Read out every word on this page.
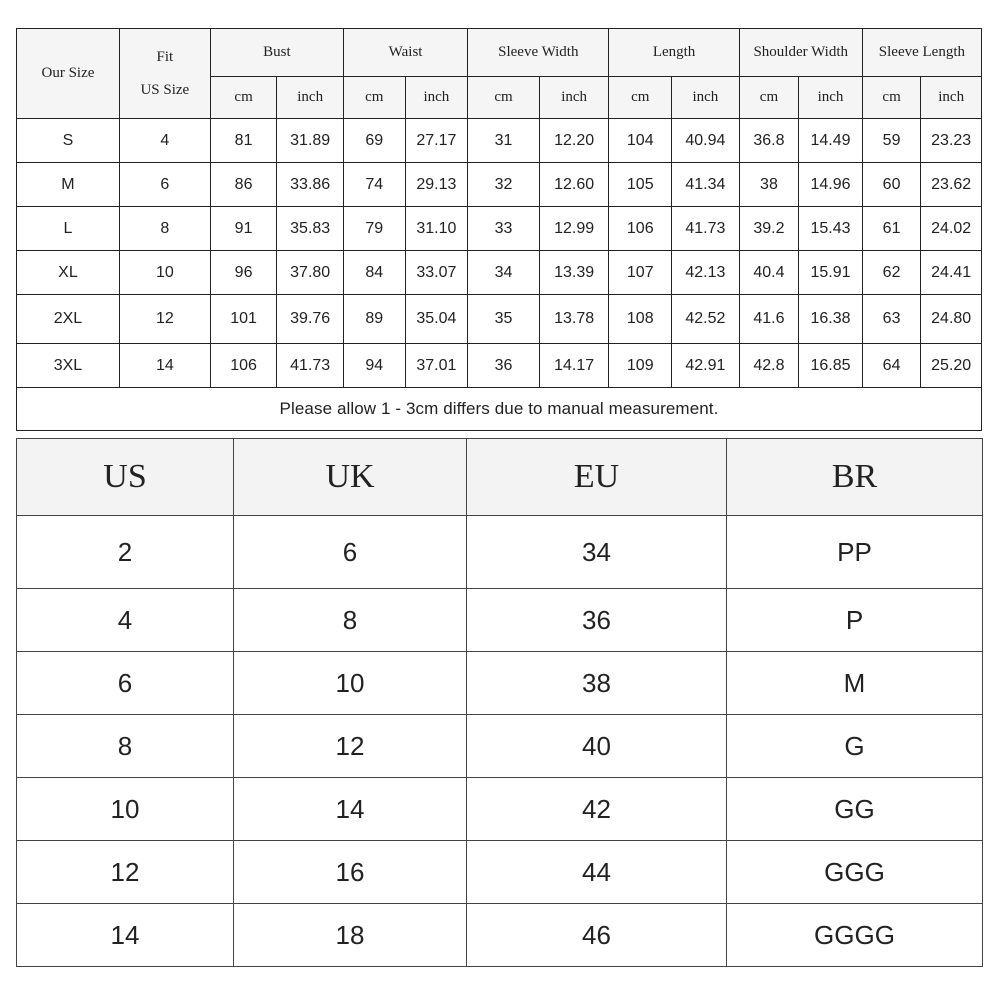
Our Size	Fit
US Size	Bust		Waist		Sleeve Width		Length		Shoulder Width		Sleeve Length	
		cm	inch	cm	inch	cm	inch	cm	inch	cm	inch	cm	inch
S	4	81	31.89	69	27.17	31	12.20	104	40.94	36.8	14.49	59	23.23
M	6	86	33.86	74	29.13	32	12.60	105	41.34	38	14.96	60	23.62
L	8	91	35.83	79	31.10	33	12.99	106	41.73	39.2	15.43	61	24.02
XL	10	96	37.80	84	33.07	34	13.39	107	42.13	40.4	15.91	62	24.41
2XL	12	101	39.76	89	35.04	35	13.78	108	42.52	41.6	16.38	63	24.80
3XL	14	106	41.73	94	37.01	36	14.17	109	42.91	42.8	16.85	64	25.20
Please allow 1 - 3cm differs due to manual measurement.													
US	UK	EU	BR
2	6	34	PP
4	8	36	P
6	10	38	M
8	12	40	G
10	14	42	GG
12	16	44	GGG
14	18	46	GGGG
